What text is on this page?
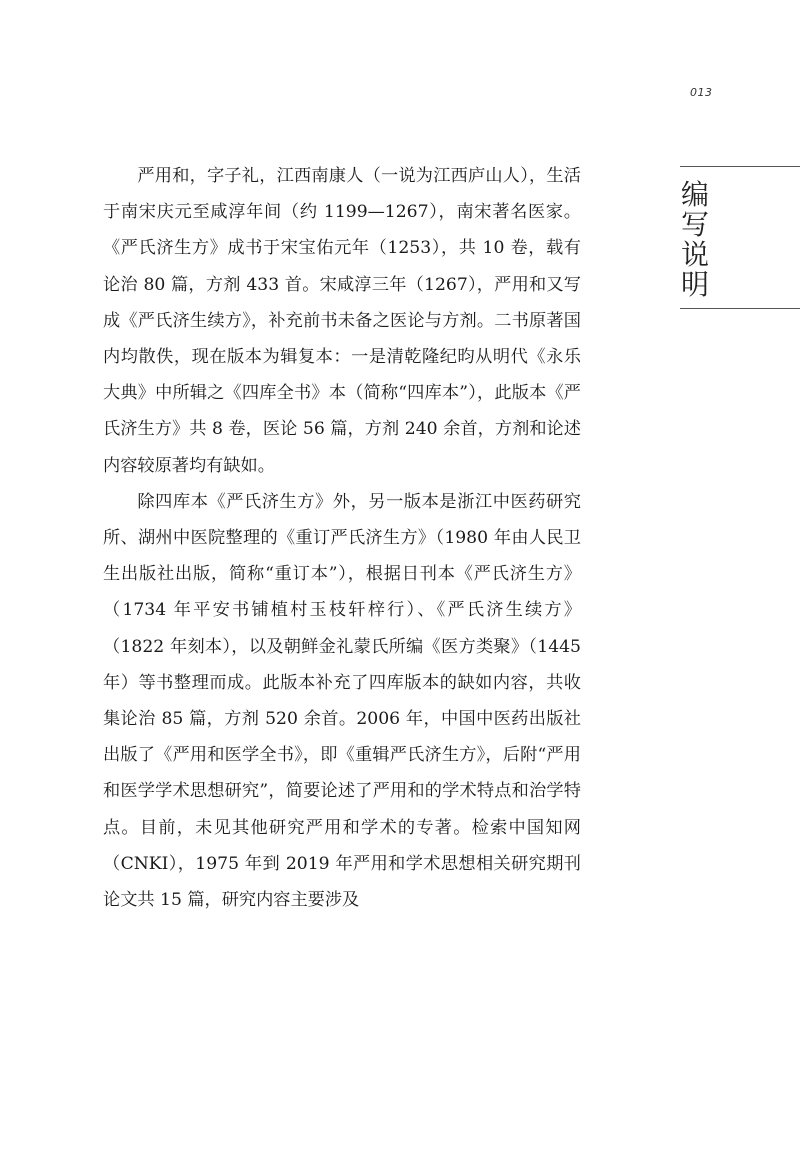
013
编
写
说
明

严用和，字子礼，江西南康人（一说为江西庐山人），生活于南宋庆元至咸淳年间（约 1199—1267），南宋著名医家。《严氏济生方》成书于宋宝佑元年（1253），共 10 卷，载有论治 80 篇，方剂 433 首。宋咸淳三年（1267），严用和又写成《严氏济生续方》，补充前书未备之医论与方剂。二书原著国内均散佚，现在版本为辑复本：一是清乾隆纪昀从明代《永乐大典》中所辑之《四库全书》本（简称“四库本”），此版本《严氏济生方》共 8 卷，医论 56 篇，方剂 240 余首，方剂和论述内容较原著均有缺如。

除四库本《严氏济生方》外，另一版本是浙江中医药研究所、湖州中医院整理的《重订严氏济生方》（1980 年由人民卫生出版社出版，简称“重订本”），根据日刊本《严氏济生方》（1734 年平安书铺植村玉枝轩梓行）、《严氏济生续方》（1822 年刻本），以及朝鲜金礼蒙氏所编《医方类聚》（1445 年）等书整理而成。此版本补充了四库版本的缺如内容，共收集论治 85 篇，方剂 520 余首。2006 年，中国中医药出版社出版了《严用和医学全书》，即《重辑严氏济生方》，后附“严用和医学学术思想研究”，简要论述了严用和的学术特点和治学特点。目前，未见其他研究严用和学术的专著。检索中国知网（CNKI），1975 年到 2019 年严用和学术思想相关研究期刊论文共 15 篇，研究内容主要涉及
